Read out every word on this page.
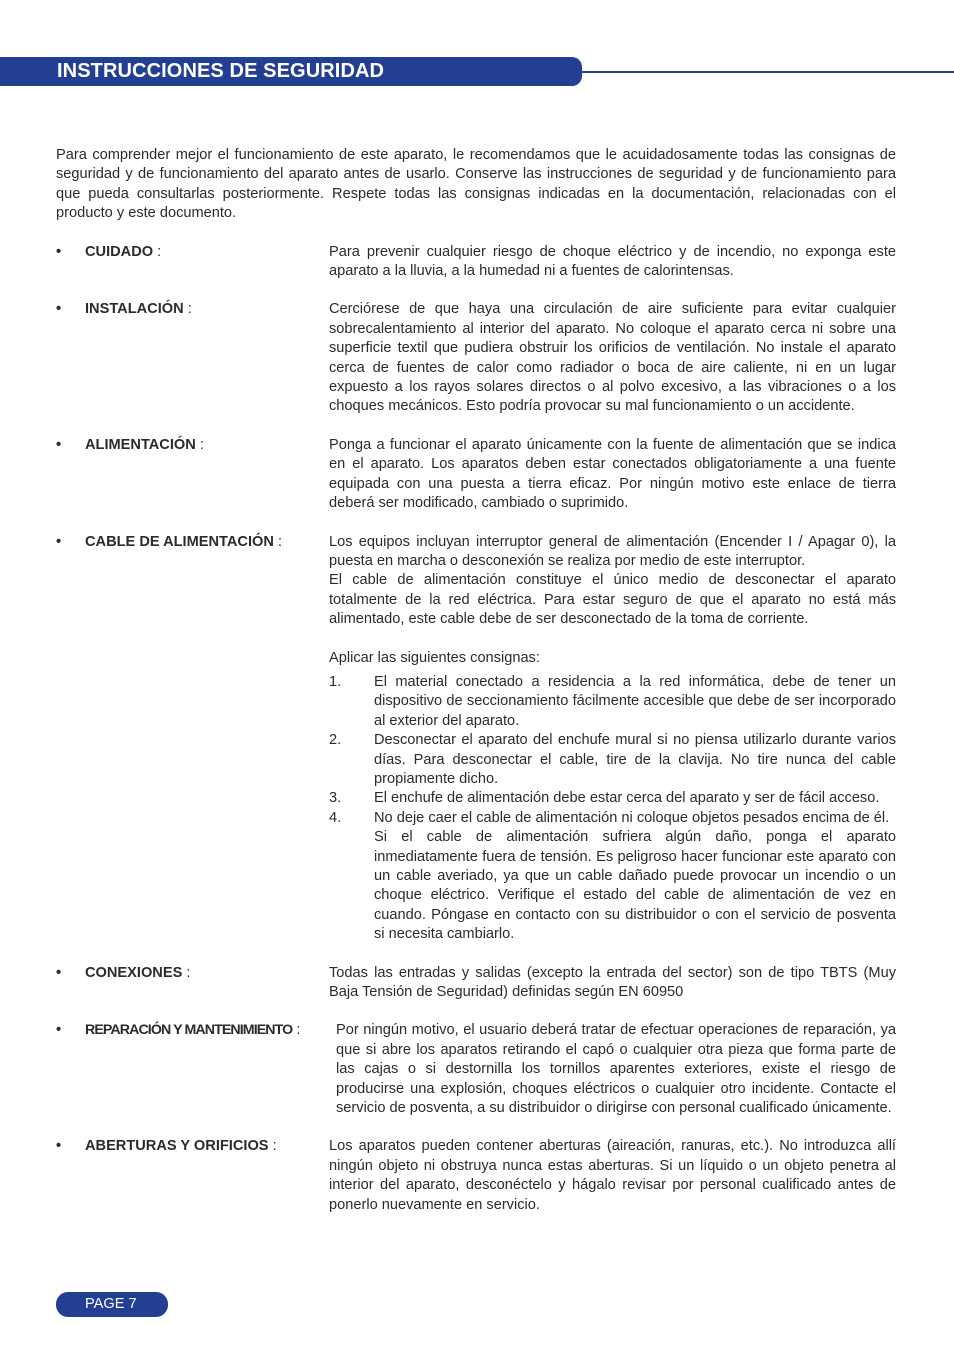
INSTRUCCIONES DE SEGURIDAD

Para comprender mejor el funcionamiento de este aparato, le recomendamos que le acuidadosamente todas las consignas de seguridad y de funcionamiento del aparato antes de usarlo. Conserve las instrucciones de seguridad y de funcionamiento para que pueda consultarlas posteriormente. Respete todas las consignas indicadas en la documentación, relacionadas con el producto y este documento.

• CUIDADO :	Para prevenir cualquier riesgo de choque eléctrico y de incendio, no exponga este aparato a la lluvia, a la humedad ni a fuentes de calorintensas.

• INSTALACIÓN :	Cerciórese de que haya una circulación de aire suficiente para evitar cualquier sobrecalentamiento al interior del aparato. No coloque el aparato cerca ni sobre una superficie textil que pudiera obstruir los orificios de ventilación. No instale el aparato cerca de fuentes de calor como radiador o boca de aire caliente, ni en un lugar expuesto a los rayos solares directos o al polvo excesivo, a las vibraciones o a los choques mecánicos. Esto podría provocar su mal funcionamiento o un accidente.

• ALIMENTACIÓN :	Ponga a funcionar el aparato únicamente con la fuente de alimentación que se indica en el aparato. Los aparatos deben estar conectados obligatoriamente a una fuente equipada con una puesta a tierra eficaz. Por ningún motivo este enlace de tierra deberá ser modificado, cambiado o suprimido.

• CABLE DE ALIMENTACIÓN :	Los equipos incluyan interruptor general de alimentación (Encender I / Apagar 0), la puesta en marcha o desconexión se realiza por medio de este interruptor.

El cable de alimentación constituye el único medio de desconectar el aparato totalmente de la red eléctrica. Para estar seguro de que el aparato no está más alimentado, este cable debe de ser desconectado de la toma de corriente.

Aplicar las siguientes consignas:

1. El material conectado a residencia a la red informática, debe de tener un dispositivo de seccionamiento fácilmente accesible que debe de ser incorporado al exterior del aparato.
2. Desconectar el aparato del enchufe mural si no piensa utilizarlo durante varios días. Para desconectar el cable, tire de la clavija. No tire nunca del cable propiamente dicho.
3. El enchufe de alimentación debe estar cerca del aparato y ser de fácil acceso.
4. No deje caer el cable de alimentación ni coloque objetos pesados encima de él.

Si el cable de alimentación sufriera algún daño, ponga el aparato inmediatamente fuera de tensión. Es peligroso hacer funcionar este aparato con un cable averiado, ya que un cable dañado puede provocar un incendio o un choque eléctrico. Verifique el estado del cable de alimentación de vez en cuando. Póngase en contacto con su distribuidor o con el servicio de posventa si necesita cambiarlo.

• CONEXIONES :	Todas las entradas y salidas (excepto la entrada del sector) son de tipo TBTS (Muy Baja Tensión de Seguridad) definidas según EN 60950

• REPARACIÓN Y MANTENIMIENTO :	Por ningún motivo, el usuario deberá tratar de efectuar operaciones de reparación, ya que si abre los aparatos retirando el capó o cualquier otra pieza que forma parte de las cajas o si destornilla los tornillos aparentes exteriores, existe el riesgo de producirse una explosión, choques eléctricos o cualquier otro incidente. Contacte el servicio de posventa, a su distribuidor o dirigirse con personal cualificado únicamente.

• ABERTURAS Y ORIFICIOS :	Los aparatos pueden contener aberturas (aireación, ranuras, etc.). No introduzca allí ningún objeto ni obstruya nunca estas aberturas. Si un líquido o un objeto penetra al interior del aparato, desconéctelo y hágalo revisar por personal cualificado antes de ponerlo nuevamente en servicio.

PAGE 7
